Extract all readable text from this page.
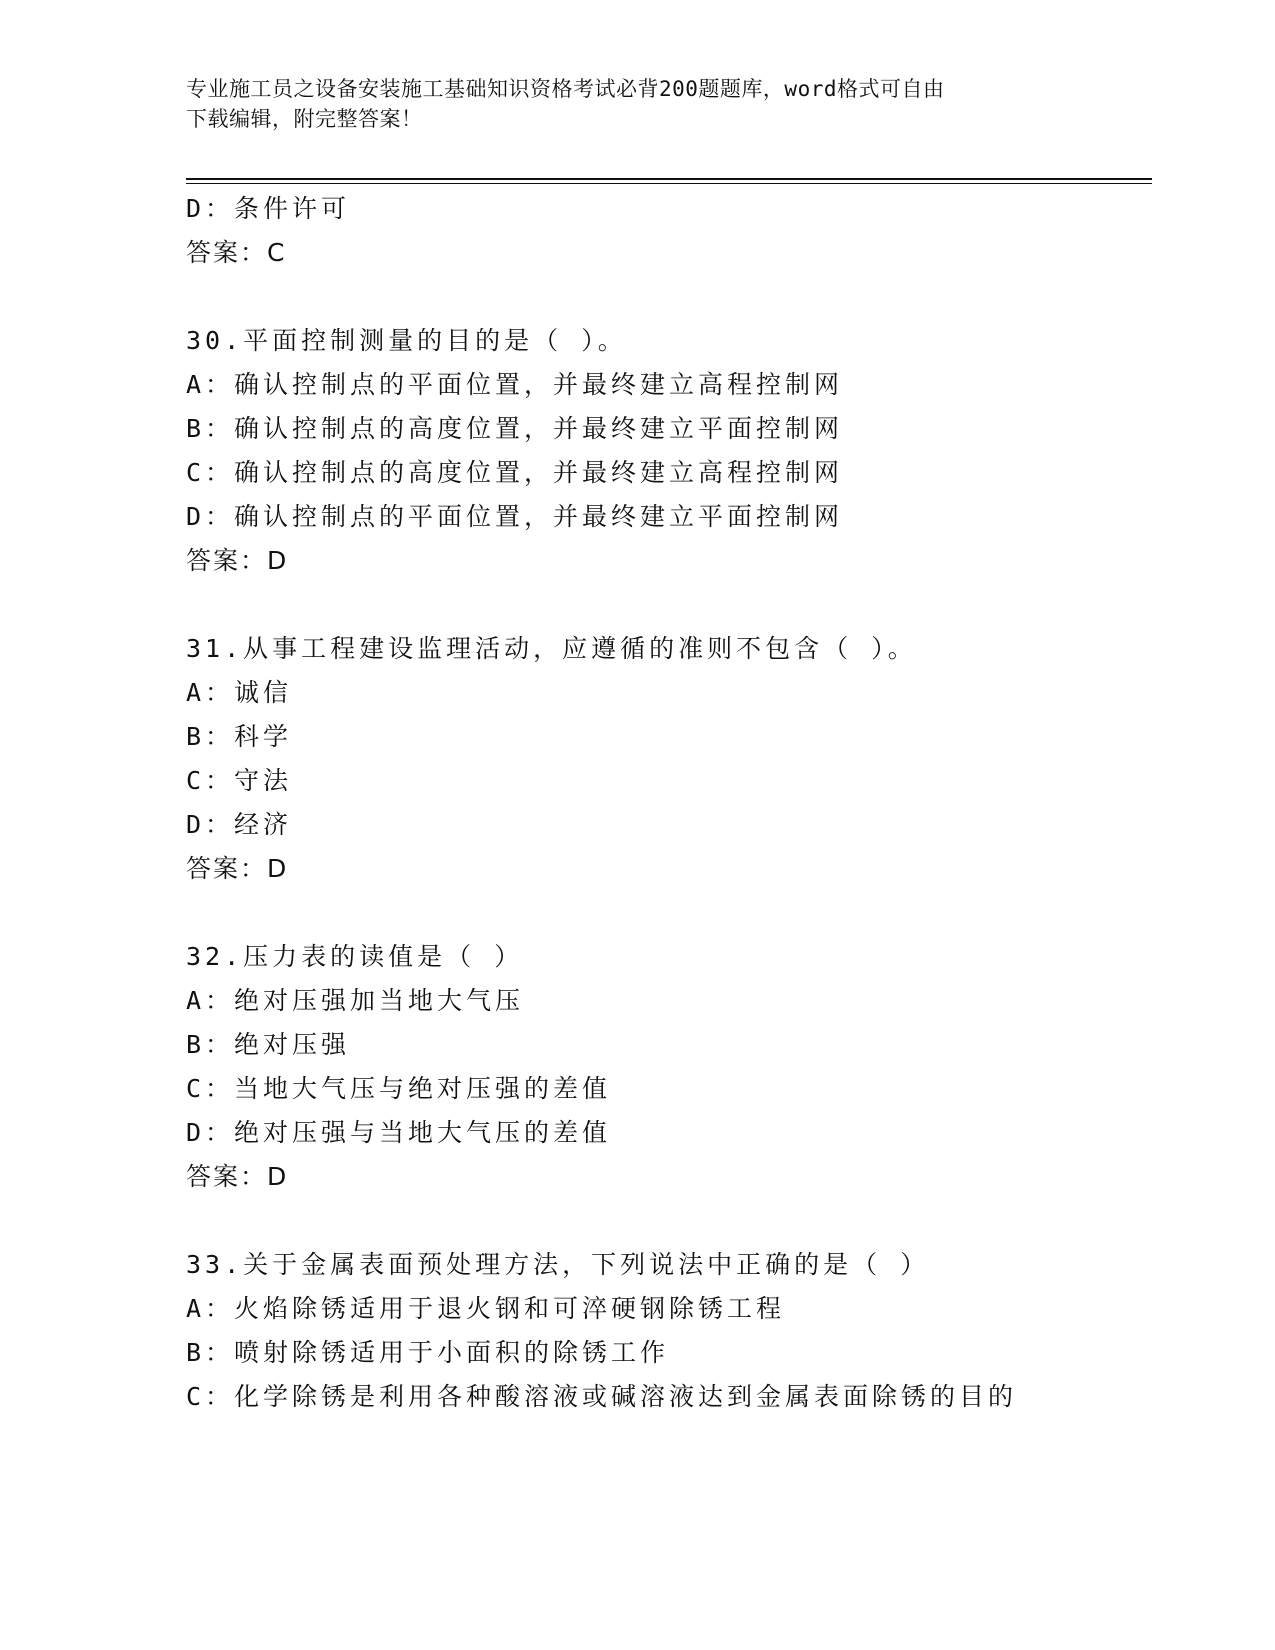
专业施工员之设备安装施工基础知识资格考试必背200题题库，word格式可自由
下载编辑，附完整答案！
D：条件许可
答案：C
30.平面控制测量的目的是（ ）。
A：确认控制点的平面位置，并最终建立高程控制网
B：确认控制点的高度位置，并最终建立平面控制网
C：确认控制点的高度位置，并最终建立高程控制网
D：确认控制点的平面位置，并最终建立平面控制网
答案：D
31.从事工程建设监理活动，应遵循的准则不包含（ ）。
A：诚信
B：科学
C：守法
D：经济
答案：D
32.压力表的读值是（ ）
A：绝对压强加当地大气压
B：绝对压强
C：当地大气压与绝对压强的差值
D：绝对压强与当地大气压的差值
答案：D
33.关于金属表面预处理方法，下列说法中正确的是（ ）
A：火焰除锈适用于退火钢和可淬硬钢除锈工程
B：喷射除锈适用于小面积的除锈工作
C：化学除锈是利用各种酸溶液或碱溶液达到金属表面除锈的目的
